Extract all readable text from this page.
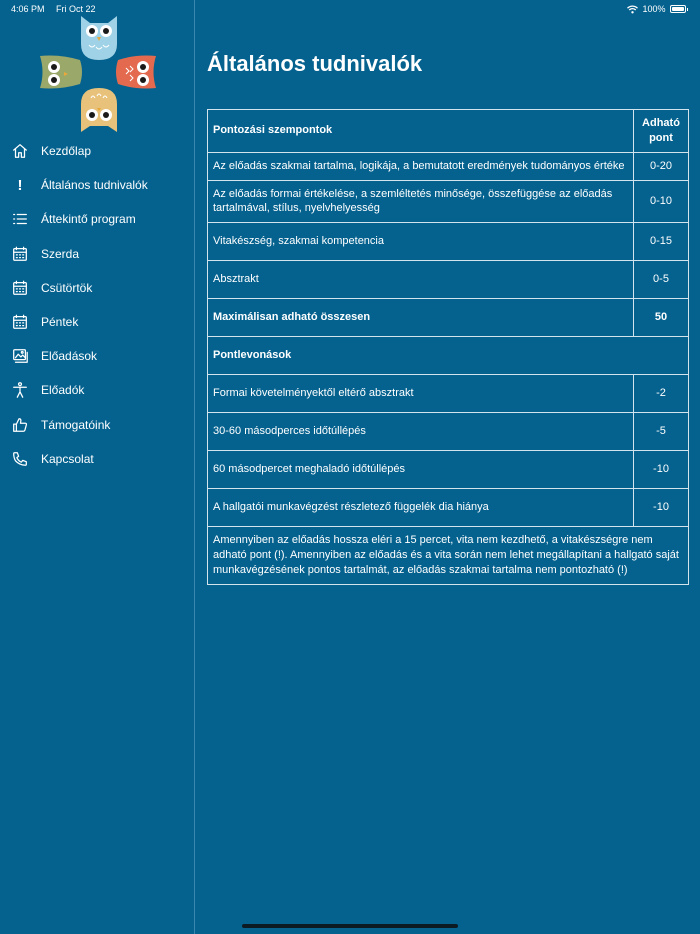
4:06 PM Fri Oct 22	100%
Kezdőlap
! Általános tudnivalók
Áttekintő program
Szerda
Csütörtök
Péntek
Előadások
Előadók
Támogatóink
Kapcsolat
Általános tudnivalók
Pontozási szempontok	Adható pont
Az előadás szakmai tartalma, logikája, a bemutatott eredmények tudományos értéke	0-20
Az előadás formai értékelése, a szemléltetés minősége, összefüggése az előadás tartalmával, stílus, nyelvhelyesség	0-10
Vitakészség, szakmai kompetencia	0-15
Absztrakt	0-5
Maximálisan adható összesen	50
Pontlevonások	
Formai követelményektől eltérő absztrakt	-2
30-60 másodperces időtúllépés	-5
60 másodpercet meghaladó időtúllépés	-10
A hallgatói munkavégzést részletező függelék dia hiánya	-10
Amennyiben az előadás hossza eléri a 15 percet, vita nem kezdhető, a vitakészségre nem adható pont (!). Amennyiben az előadás és a vita során nem lehet megállapítani a hallgató saját munkavégzésének pontos tartalmát, az előadás szakmai tartalma nem pontozható (!)	
